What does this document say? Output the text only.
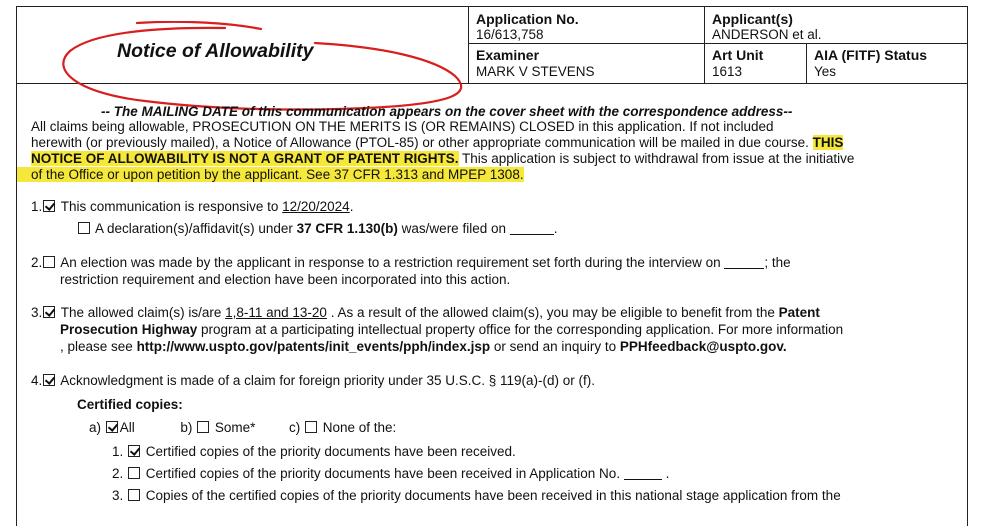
Application No.
16/613,758
Applicant(s)
ANDERSON et al.
Examiner
MARK V STEVENS
Art Unit
1613
AIA (FITF) Status
Yes
Notice of Allowability
-- The MAILING DATE of this communication appears on the cover sheet with the correspondence address--
All claims being allowable, PROSECUTION ON THE MERITS IS (OR REMAINS) CLOSED in this application. If not included
herewith (or previously mailed), a Notice of Allowance (PTOL-85) or other appropriate communication will be mailed in due course. THIS
NOTICE OF ALLOWABILITY IS NOT A GRANT OF PATENT RIGHTS. This application is subject to withdrawal from issue at the initiative
of the Office or upon petition by the applicant. See 37 CFR 1.313 and MPEP 1308.
1. This communication is responsive to 12/20/2024.
A declaration(s)/affidavit(s) under 37 CFR 1.130(b) was/were filed on	.
2. An election was made by the applicant in response to a restriction requirement set forth during the interview on	; the
restriction requirement and election have been incorporated into this action.
3. The allowed claim(s) is/are 1,8-11 and 13-20 . As a result of the allowed claim(s), you may be eligible to benefit from the Patent
Prosecution Highway program at a participating intellectual property office for the corresponding application. For more information
, please see http://www.uspto.gov/patents/init_events/pph/index.jsp or send an inquiry to PPHfeedback@uspto.gov.
4. Acknowledgment is made of a claim for foreign priority under 35 U.S.C. § 119(a)-(d) or (f).
Certified copies:
a) All	b) Some* c) None of the:
1. Certified copies of the priority documents have been received.
2. Certified copies of the priority documents have been received in Application No.	.
3. Copies of the certified copies of the priority documents have been received in this national stage application from the
